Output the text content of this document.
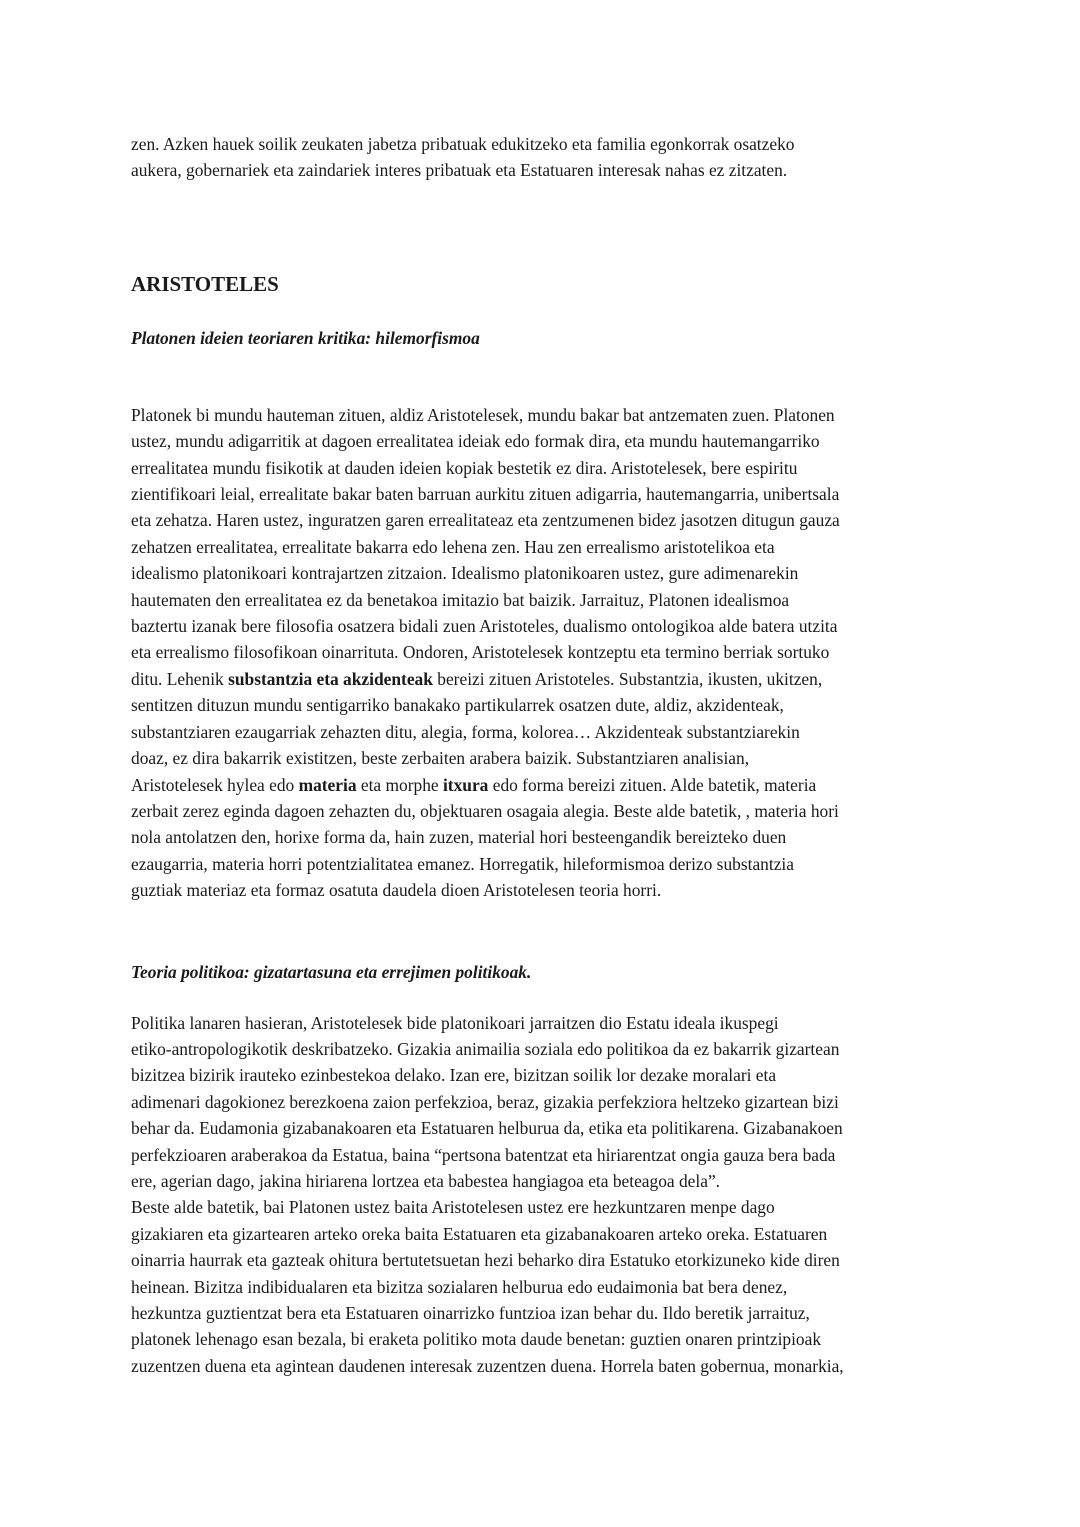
zen. Azken hauek soilik zeukaten jabetza pribatuak edukitzeko eta familia egonkorrak osatzeko
aukera, gobernariek eta zaindariek interes pribatuak eta Estatuaren interesak nahas ez zitzaten.

ARISTOTELES
Platonen ideien teoriaren kritika: hilemorfismoa

Platonek bi mundu hauteman zituen, aldiz Aristotelesek, mundu bakar bat antzematen zuen. Platonen
ustez, mundu adigarritik at dagoen errealitatea ideiak edo formak dira, eta mundu hautemangarriko
errealitatea mundu fisikotik at dauden ideien kopiak bestetik ez dira. Aristotelesek, bere espiritu
zientifikoari leial, errealitate bakar baten barruan aurkitu zituen adigarria, hautemangarria, unibertsala
eta zehatza. Haren ustez, inguratzen garen errealitateaz eta zentzumenen bidez jasotzen ditugun gauza
zehatzen errealitatea, errealitate bakarra edo lehena zen. Hau zen errealismo aristotelikoa eta
idealismo platonikoari kontrajartzen zitzaion. Idealismo platonikoaren ustez, gure adimenarekin
hautematen den errealitatea ez da benetakoa imitazio bat baizik. Jarraituz, Platonen idealismoa
baztertu izanak bere filosofia osatzera bidali zuen Aristoteles, dualismo ontologikoa alde batera utzita
eta errealismo filosofikoan oinarrituta. Ondoren, Aristotelesek kontzeptu eta termino berriak sortuko
ditu. Lehenik substantzia eta akzidenteak bereizi zituen Aristoteles. Substantzia, ikusten, ukitzen,
sentitzen dituzun mundu sentigarriko banakako partikularrek osatzen dute, aldiz, akzidenteak,
substantziaren ezaugarriak zehazten ditu, alegia, forma, kolorea… Akzidenteak substantziarekin
doaz, ez dira bakarrik existitzen, beste zerbaiten arabera baizik. Substantziaren analisian,
Aristotelesek hylea edo materia eta morphe itxura edo forma bereizi zituen. Alde batetik, materia
zerbait zerez eginda dagoen zehazten du, objektuaren osagaia alegia. Beste alde batetik, , materia hori
nola antolatzen den, horixe forma da, hain zuzen, material hori besteengandik bereizteko duen
ezaugarria, materia horri potentzialitatea emanez. Horregatik, hileformismoa derizo substantzia
guztiak materiaz eta formaz osatuta daudela dioen Aristotelesen teoria horri.

Teoria politikoa: gizatartasuna eta errejimen politikoak.

Politika lanaren hasieran, Aristotelesek bide platonikoari jarraitzen dio Estatu ideala ikuspegi
etiko-antropologikotik deskribatzeko. Gizakia animailia soziala edo politikoa da ez bakarrik gizartean
bizitzea bizirik irauteko ezinbestekoa delako. Izan ere, bizitzan soilik lor dezake moralari eta
adimenari dagokionez berezkoena zaion perfekzioa, beraz, gizakia perfekziora heltzeko gizartean bizi
behar da. Eudamonia gizabanakoaren eta Estatuaren helburua da, etika eta politikarena. Gizabanakoen
perfekzioaren araberakoa da Estatua, baina “pertsona batentzat eta hiriarentzat ongia gauza bera bada
ere, agerian dago, jakina hiriarena lortzea eta babestea hangiagoa eta beteagoa dela”.
Beste alde batetik, bai Platonen ustez baita Aristotelesen ustez ere hezkuntzaren menpe dago
gizakiaren eta gizartearen arteko oreka baita Estatuaren eta gizabanakoaren arteko oreka. Estatuaren
oinarria haurrak eta gazteak ohitura bertutetsuetan hezi beharko dira Estatuko etorkizuneko kide diren
heinean. Bizitza indibidualaren eta bizitza sozialaren helburua edo eudaimonia bat bera denez,
hezkuntza guztientzat bera eta Estatuaren oinarrizko funtzioa izan behar du. Ildo beretik jarraituz,
platonek lehenago esan bezala, bi eraketa politiko mota daude benetan: guztien onaren printzipioak
zuzentzen duena eta agintean daudenen interesak zuzentzen duena. Horrela baten gobernua, monarkia,
